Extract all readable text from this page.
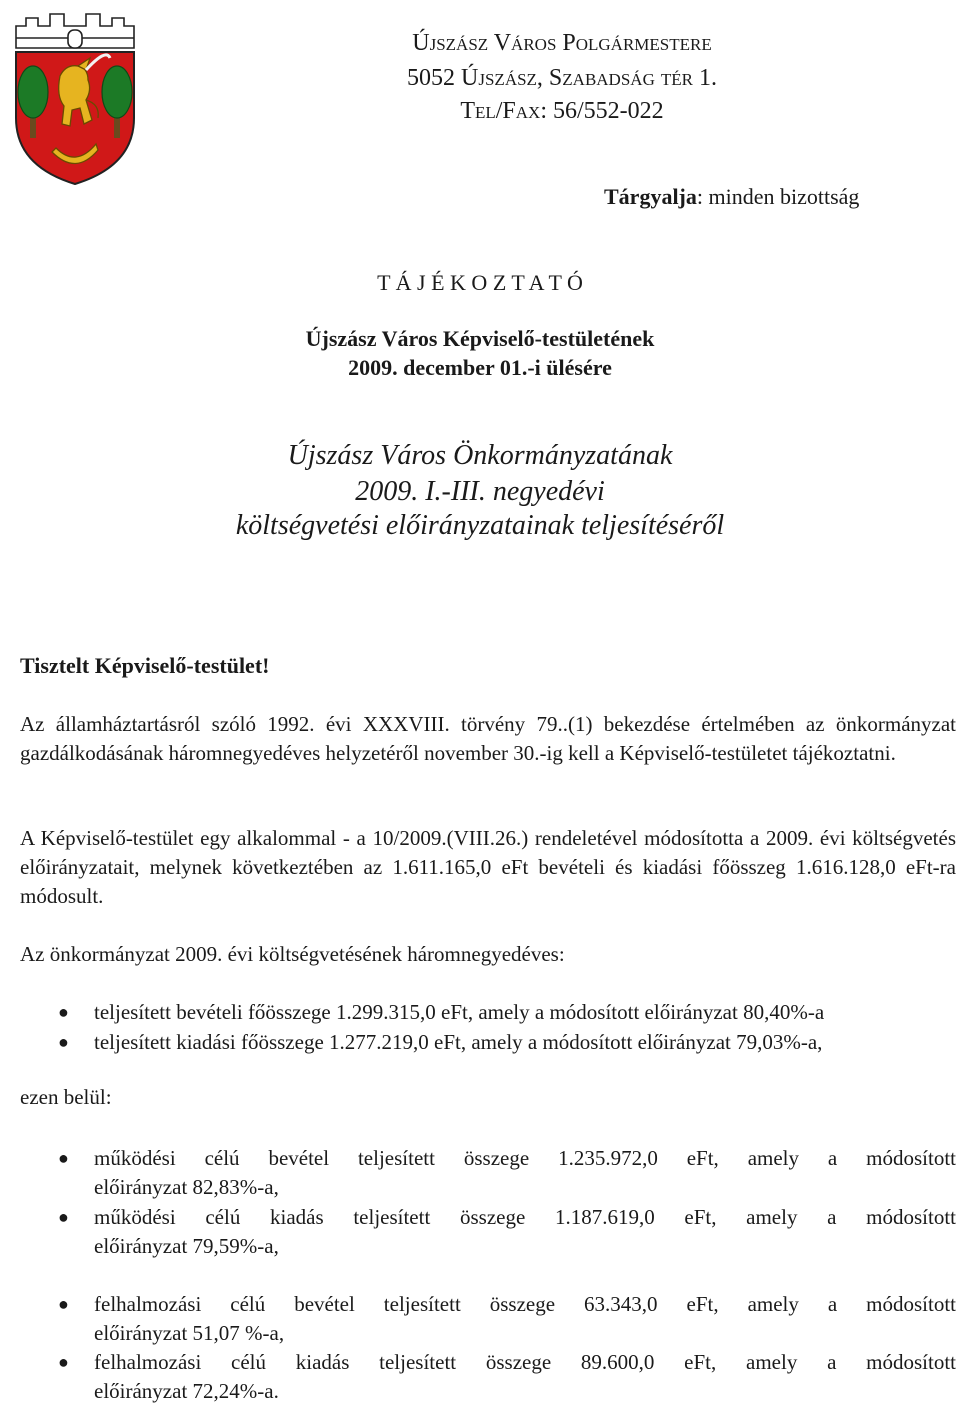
Újszász Város Polgármestere
5052 Újszász, Szabadság tér 1.
Tel/Fax: 56/552-022
Tárgyalja: minden bizottság
T Á J É K O Z T A T Ó
Újszász Város Képviselő-testületének
2009. december 01.-i ülésére
Újszász Város Önkormányzatának
2009. I.-III. negyedévi
költségvetési előirányzatainak teljesítéséről
Tisztelt Képviselő-testület!
Az államháztartásról szóló 1992. évi XXXVIII. törvény 79..(1) bekezdése értelmében az önkormányzat gazdálkodásának háromnegyedéves helyzetéről november 30.-ig kell a Képviselő-testületet tájékoztatni.
A Képviselő-testület egy alkalommal - a 10/2009.(VIII.26.) rendeletével módosította a 2009. évi költségvetés előirányzatait, melynek következtében az 1.611.165,0 eFt bevételi és kiadási főösszeg 1.616.128,0 eFt-ra módosult.
Az önkormányzat 2009. évi költségvetésének háromnegyedéves:
● teljesített bevételi főösszege 1.299.315,0 eFt, amely a módosított előirányzat 80,40%-a
● teljesített kiadási főösszege 1.277.219,0 eFt, amely a módosított előirányzat 79,03%-a,
ezen belül:
● működési célú bevétel teljesített összege 1.235.972,0 eFt, amely a módosított
előirányzat 82,83%-a,
● működési célú kiadás teljesített összege 1.187.619,0 eFt, amely a módosított
előirányzat 79,59%-a,
● felhalmozási célú bevétel teljesített összege 63.343,0 eFt, amely a módosított
előirányzat 51,07 %-a,
● felhalmozási célú kiadás teljesített összege 89.600,0 eFt, amely a módosított
előirányzat 72,24%-a.
